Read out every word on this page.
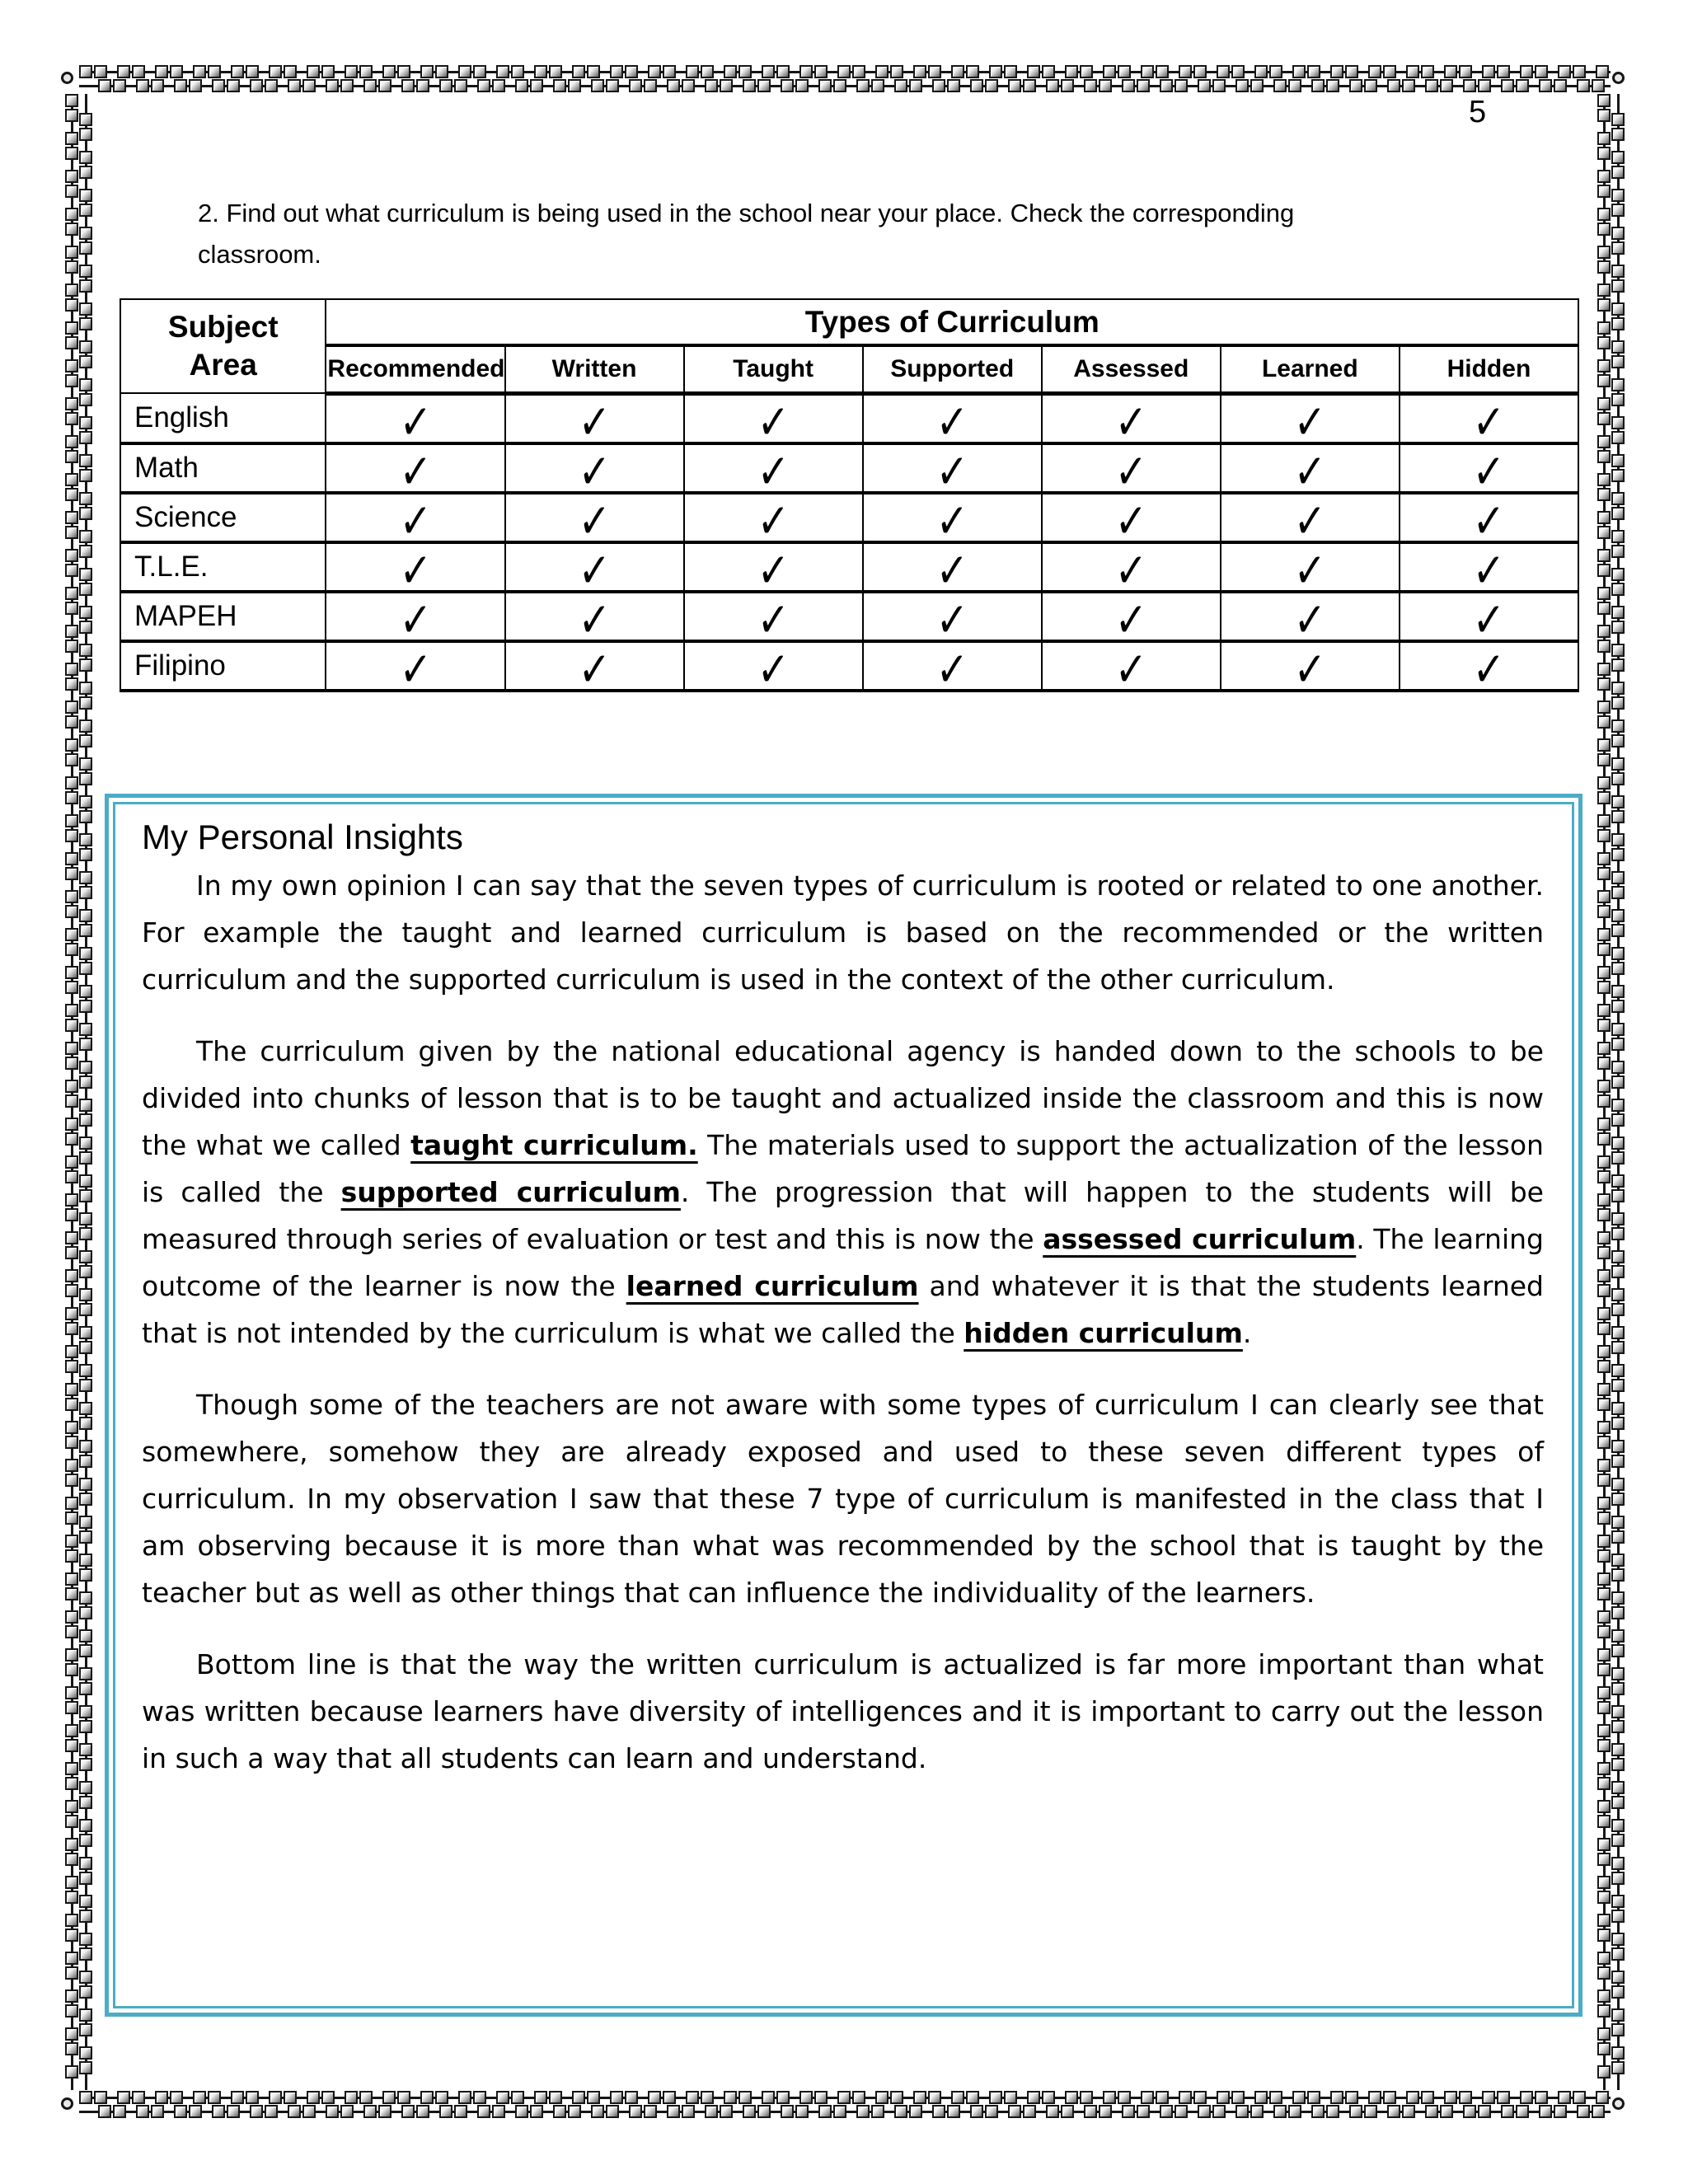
5

2. Find out what curriculum is being used in the school near your place. Check the corresponding classroom.

Subject Area	Types of Curriculum						
	Recommended	Written	Taught	Supported	Assessed	Learned	Hidden
English	✓	✓	✓	✓	✓	✓	✓
Math	✓	✓	✓	✓	✓	✓	✓
Science	✓	✓	✓	✓	✓	✓	✓
T.L.E.	✓	✓	✓	✓	✓	✓	✓
MAPEH	✓	✓	✓	✓	✓	✓	✓
Filipino	✓	✓	✓	✓	✓	✓	✓
My Personal Insights

In my own opinion I can say that the seven types of curriculum is rooted or related to one another. For example the taught and learned curriculum is based on the recommended or the written curriculum and the supported curriculum is used in the context of the other curriculum.

The curriculum given by the national educational agency is handed down to the schools to be divided into chunks of lesson that is to be taught and actualized inside the classroom and this is now the what we called taught curriculum. The materials used to support the actualization of the lesson is called the supported curriculum. The progression that will happen to the students will be measured through series of evaluation or test and this is now the assessed curriculum. The learning outcome of the learner is now the learned curriculum and whatever it is that the students learned that is not intended by the curriculum is what we called the hidden curriculum.

Though some of the teachers are not aware with some types of curriculum I can clearly see that somewhere, somehow they are already exposed and used to these seven different types of curriculum. In my observation I saw that these 7 type of curriculum is manifested in the class that I am observing because it is more than what was recommended by the school that is taught by the teacher but as well as other things that can influence the individuality of the learners.

Bottom line is that the way the written curriculum is actualized is far more important than what was written because learners have diversity of intelligences and it is important to carry out the lesson in such a way that all students can learn and understand.
